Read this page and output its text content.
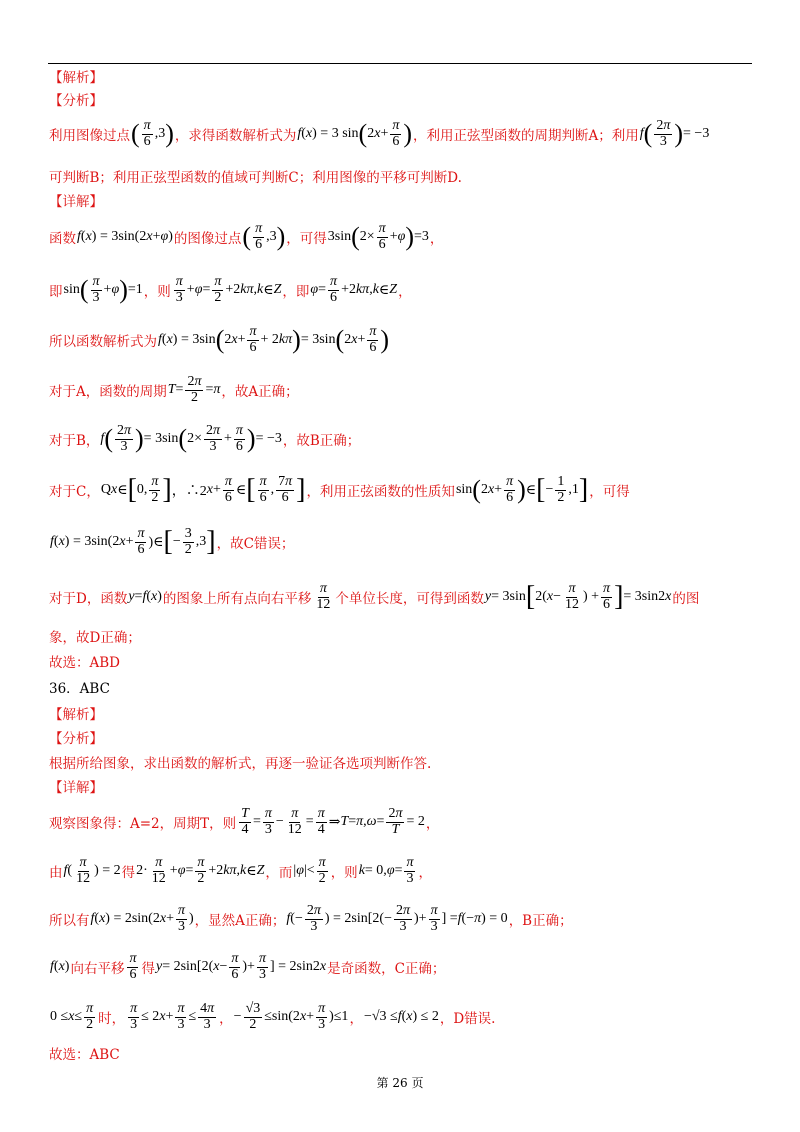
【解析】
【分析】
利用图像过点 ( $\frac{\pi}{6} ,3$ ) ，求得函数解析式为 f ( x ) = 3 sin ( 2 $x + \frac{\pi}{6}$ ) ，利用正弦型函数的周期判断A；利用 f ( $\frac{2\pi}{3}$ ) = −3
可判断B；利用正弦型函数的值域可判断C；利用图像的平移可判断D.
【详解】
函数 f ( x ) = 3sin(2 x + φ ) 的图像过点 ( $\frac{\pi}{6} ,3$ ) ，可得 3sin ( $2\times \frac{\pi}{6} + \varphi$ ) =3 ，
即 sin ( $\frac{\pi}{3} + \varphi$ ) =1 ，则 $\frac{\pi}{3} + \varphi = \frac{\pi}{2} +2$ kπ , k ∈ Z ，即 $\varphi = \frac{\pi}{6} +2$ kπ , k ∈ Z ，
所以函数解析式为 f ( x ) = 3sin ( 2 $x + \frac{\pi}{6} + 2$ kπ ) = 3sin ( 2 $x + \frac{\pi}{6}$ )
对于A，函数的周期 $T = \frac{2\pi}{2} = \pi$ ，故A正确；
对于B， f ( $\frac{2\pi}{3}$ ) = 3sin ( $2\times \frac{2\pi}{3} + \frac{\pi}{6}$ ) = −3 ，故B正确；
对于C， Q x ∈ [ 0, $\frac{\pi}{2}$ ] ，∴2 $x + \frac{\pi}{6}$ ∈ [ $\frac{\pi}{6}$ , $\frac{7\pi}{6}$ ] ，利用正弦函数的性质知 sin ( 2 $x + \frac{\pi}{6}$ ) ∈ [ − $\frac{1}{2} ,1$ ] ，可得
f ( x ) = 3sin(2 $x + \frac{\pi}{6}$ )∈ [ − $\frac{3}{2} ,3$ ] ，故C错误；
对于D，函数 y = f ( x ) 的图象上所有点向右平移 $\frac{\pi}{12}$ 个单位长度，可得到函数 y = 3sin [ 2( $x - \frac{\pi}{12}$ ) + $\frac{\pi}{6}$ ] = 3sin2 x 的图
象，故D正确；
故选：ABD
36．ABC
【解析】
【分析】
根据所给图象，求出函数的解析式，再逐一验证各选项判断作答.
【详解】
观察图象得：A=2，周期T，则 $\frac{T}{4} = \frac{\pi}{3} - \frac{\pi}{12} = \frac{\pi}{4}$ ⇒ T = π , $\omega = \frac{2\pi}{T} = 2$ ，
由 f ( $\frac{\pi}{12}$ ) = 2 得 $2\cdot \frac{\pi}{12} + \varphi = \frac{\pi}{2} +2$ kπ , k ∈ Z ，而 | φ |< $\frac{\pi}{2}$ ，则 k = 0, $\varphi = \frac{\pi}{3}$ ，
所以有 f ( x ) = 2sin(2 $x + \frac{\pi}{3}$ ) ，显然A正确； f (− $\frac{2\pi}{3}$ ) = $2\sin[2(- \frac{2\pi}{3}$ )+ $\frac{\pi}{3}$ ] = f (− π ) = 0 ，B正确；
f ( x ) 向右平移 $\frac{\pi}{6}$ 得 y = 2sin[2( $x - \frac{\pi}{6}$ )+ $\frac{\pi}{3}$ ] = 2sin2 x 是奇函数，C正确；
$0 \le x \le \frac{\pi}{2}$ 时， $\frac{\pi}{3} \le 2$ $x + \frac{\pi}{3} \le \frac{4\pi}{3}$ ， − $\frac{√3}{2} \le\sin(2$ $x + \frac{\pi}{3} )\le 1$ ， −√3 ≤ f ( x ) ≤ 2 ，D错误.
故选：ABC
第 26 页
